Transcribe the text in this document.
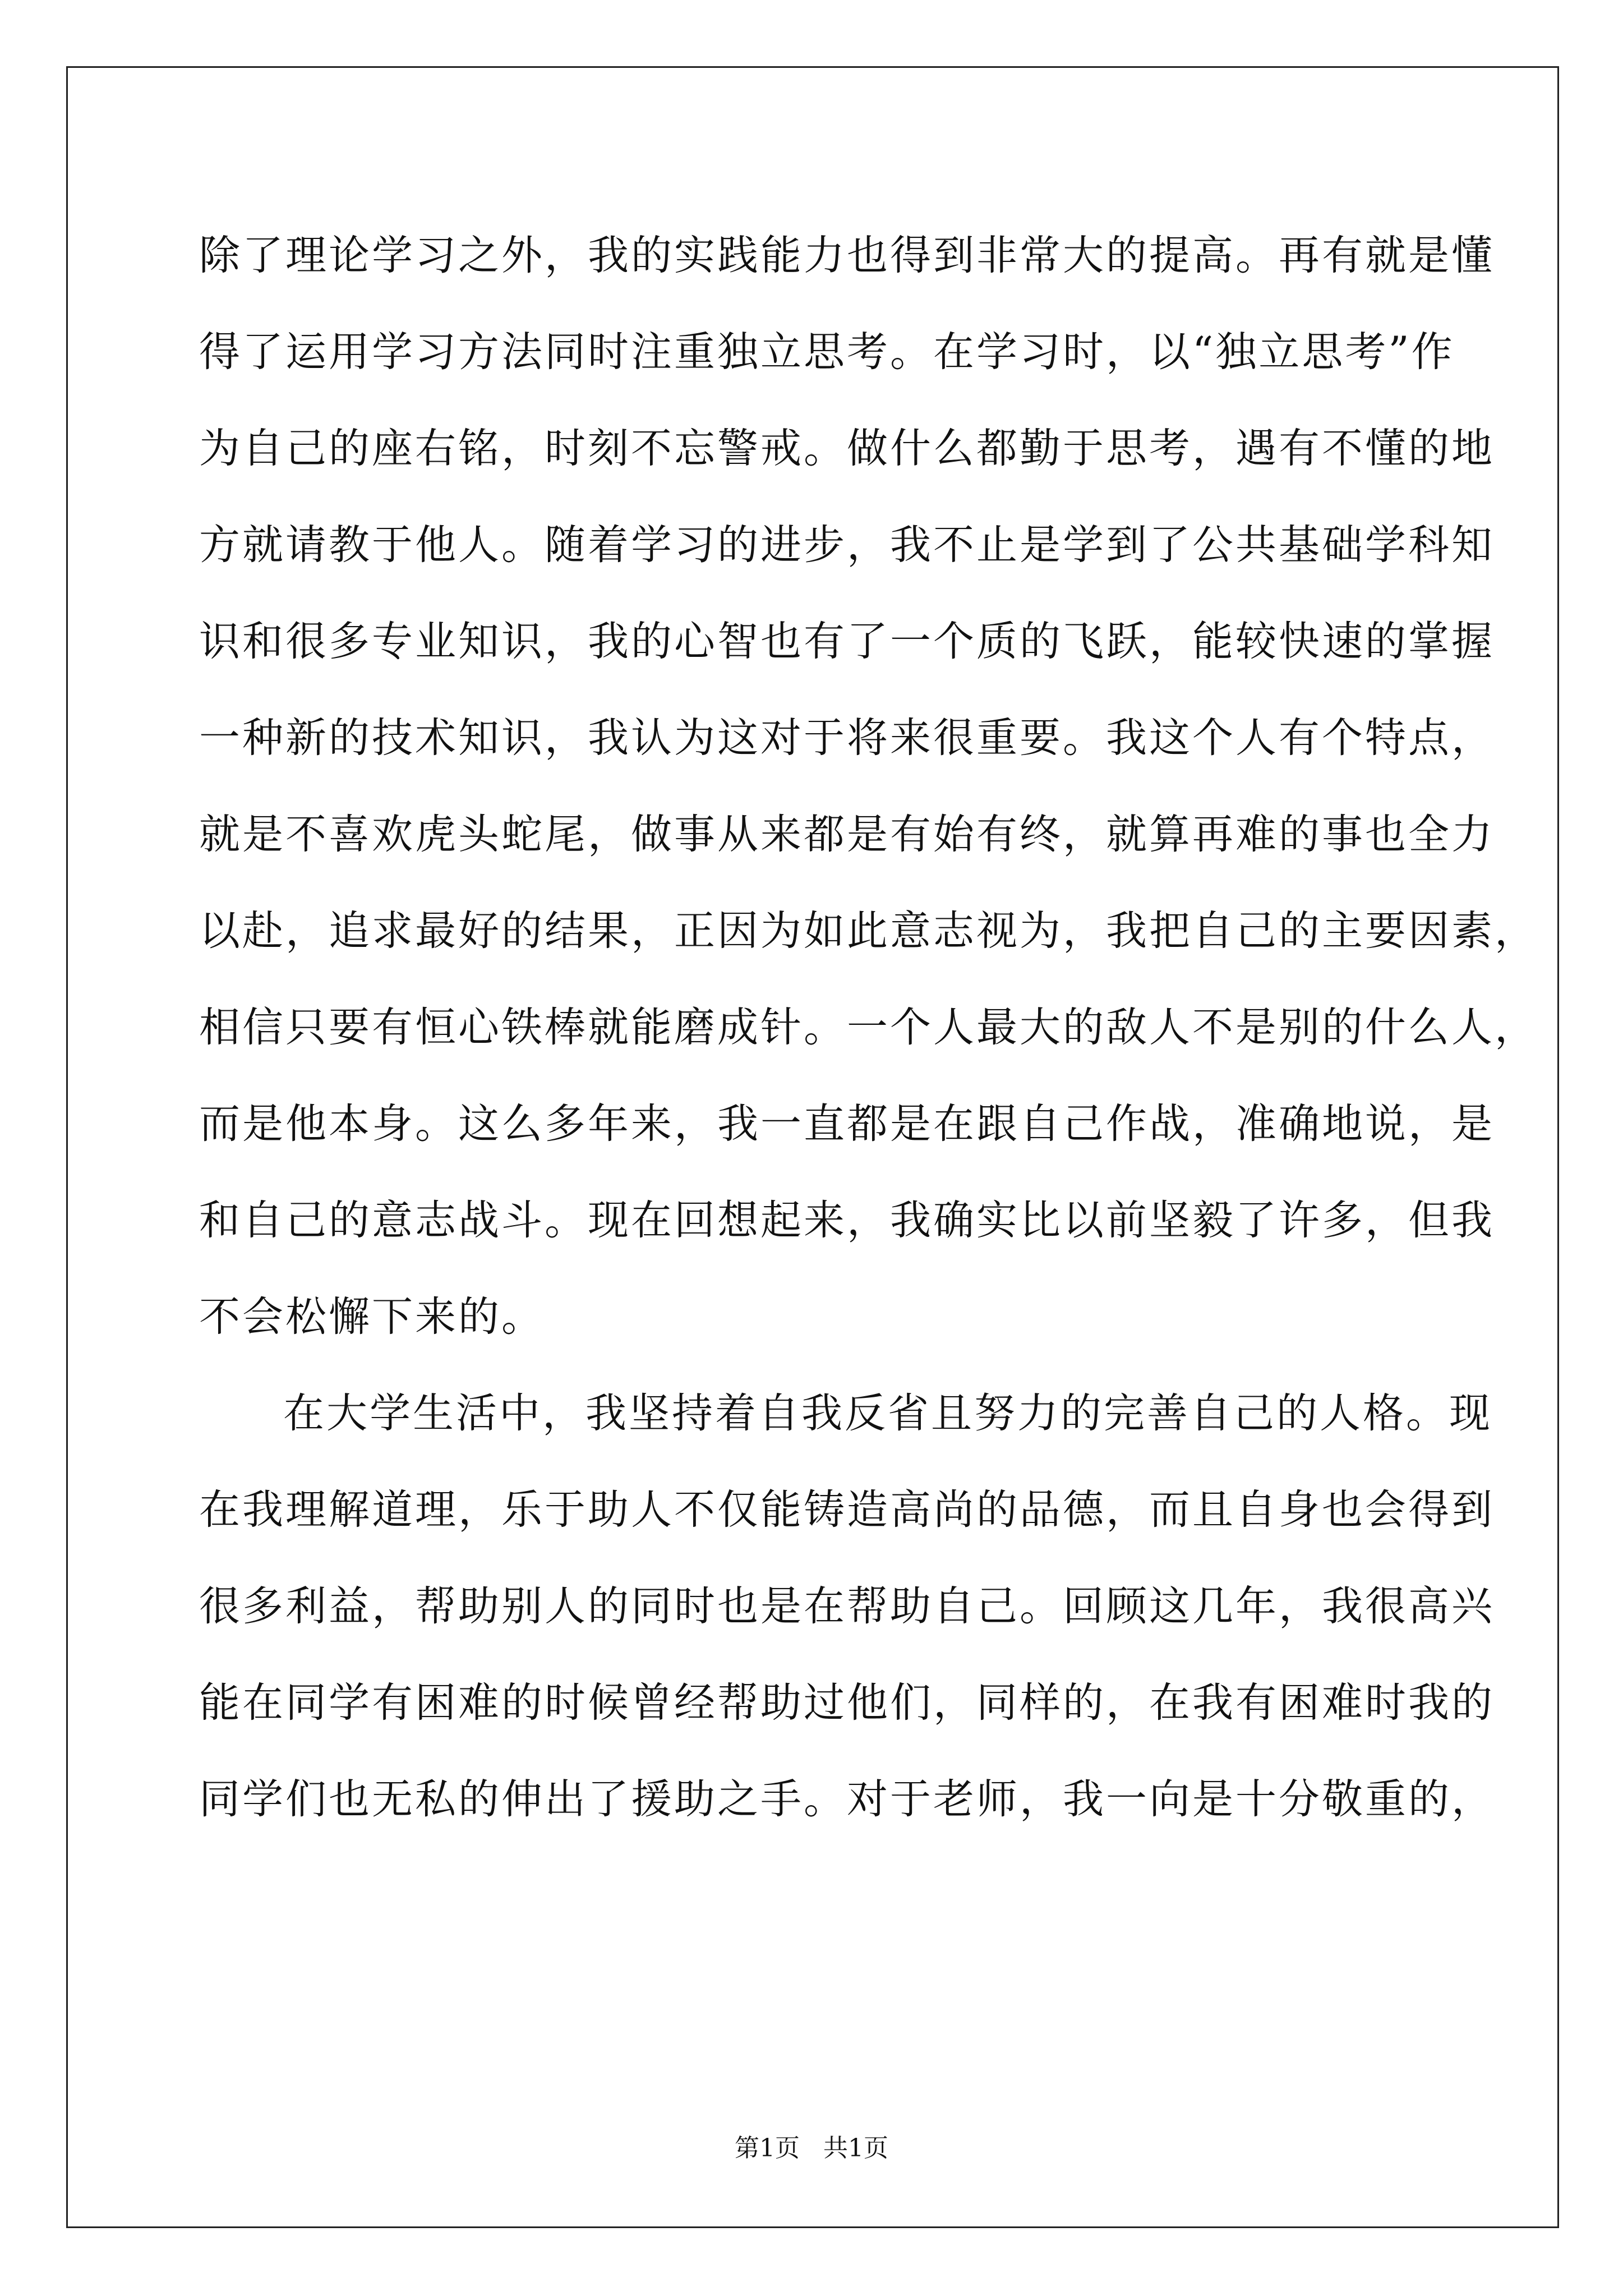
除了理论学习之外，我的实践能力也得到非常大的提高。再有就是懂
得了运用学习方法同时注重独立思考。在学习时，以“独立思考”作
为自己的座右铭，时刻不忘警戒。做什么都勤于思考，遇有不懂的地
方就请教于他人。随着学习的进步，我不止是学到了公共基础学科知
识和很多专业知识，我的心智也有了一个质的飞跃，能较快速的掌握
一种新的技术知识，我认为这对于将来很重要。我这个人有个特点，
就是不喜欢虎头蛇尾，做事从来都是有始有终，就算再难的事也全力
以赴，追求最好的结果，正因为如此意志视为，我把自己的主要因素，
相信只要有恒心铁棒就能磨成针。一个人最大的敌人不是别的什么人，
而是他本身。这么多年来，我一直都是在跟自己作战，准确地说，是
和自己的意志战斗。现在回想起来，我确实比以前坚毅了许多，但我
不会松懈下来的。
在大学生活中，我坚持着自我反省且努力的完善自己的人格。现
在我理解道理，乐于助人不仅能铸造高尚的品德，而且自身也会得到
很多利益，帮助别人的同时也是在帮助自己。回顾这几年，我很高兴
能在同学有困难的时候曾经帮助过他们，同样的，在我有困难时我的
同学们也无私的伸出了援助之手。对于老师，我一向是十分敬重的，
第1页   共1页
